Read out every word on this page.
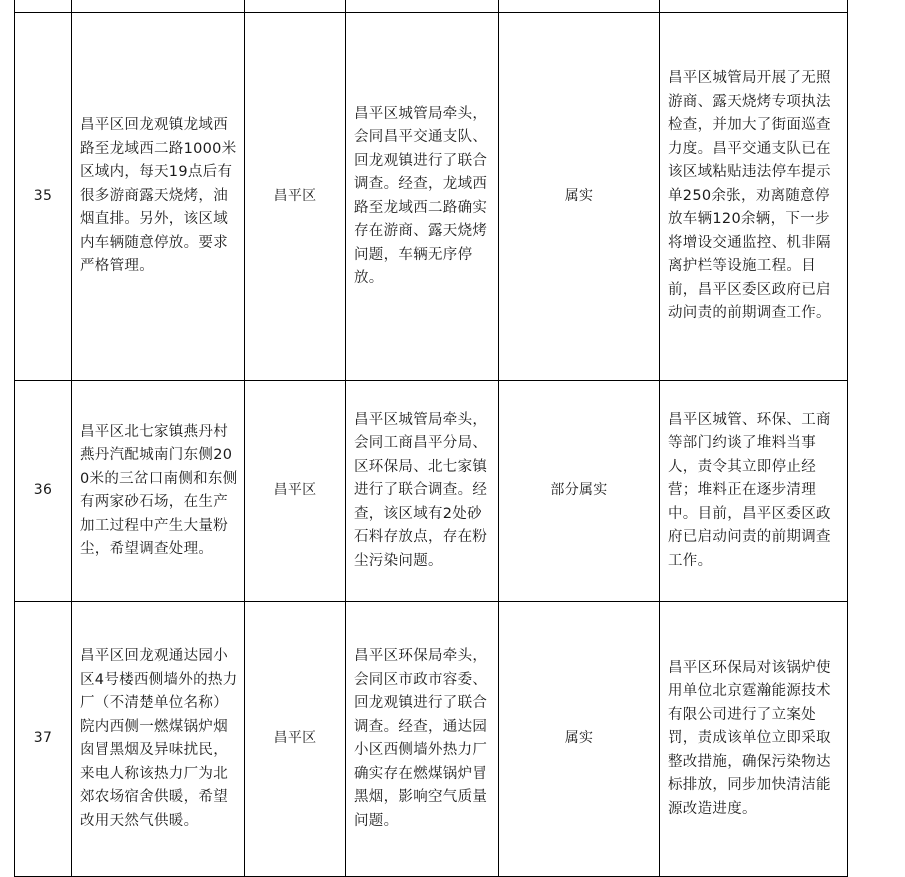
35	昌平区回龙观镇龙域西路至龙域西二路1000米区域内，每天19点后有很多游商露天烧烤，油烟直排。另外，该区域内车辆随意停放。要求严格管理。	昌平区	昌平区城管局牵头，会同昌平交通支队、回龙观镇进行了联合调查。经查，龙域西路至龙域西二路确实存在游商、露天烧烤问题，车辆无序停放。	属实	昌平区城管局开展了无照游商、露天烧烤专项执法检查，并加大了街面巡查力度。昌平交通支队已在该区域粘贴违法停车提示单250余张，劝离随意停放车辆120余辆，下一步将增设交通监控、机非隔离护栏等设施工程。目前，昌平区委区政府已启动问责的前期调查工作。

36	昌平区北七家镇燕丹村燕丹汽配城南门东侧200米的三岔口南侧和东侧有两家砂石场，在生产加工过程中产生大量粉尘，希望调查处理。	昌平区	昌平区城管局牵头，会同工商昌平分局、区环保局、北七家镇进行了联合调查。经查，该区域有2处砂石料存放点，存在粉尘污染问题。	部分属实	昌平区城管、环保、工商等部门约谈了堆料当事人，责令其立即停止经营；堆料正在逐步清理中。目前，昌平区委区政府已启动问责的前期调查工作。

37	昌平区回龙观通达园小区4号楼西侧墙外的热力厂（不清楚单位名称）院内西侧一燃煤锅炉烟囱冒黑烟及异味扰民，来电人称该热力厂为北郊农场宿舍供暖，希望改用天然气供暖。	昌平区	昌平区环保局牵头，会同区市政市容委、回龙观镇进行了联合调查。经查，通达园小区西侧墙外热力厂确实存在燃煤锅炉冒黑烟，影响空气质量问题。	属实	昌平区环保局对该锅炉使用单位北京霆瀚能源技术有限公司进行了立案处罚，责成该单位立即采取整改措施，确保污染物达标排放，同步加快清洁能源改造进度。
